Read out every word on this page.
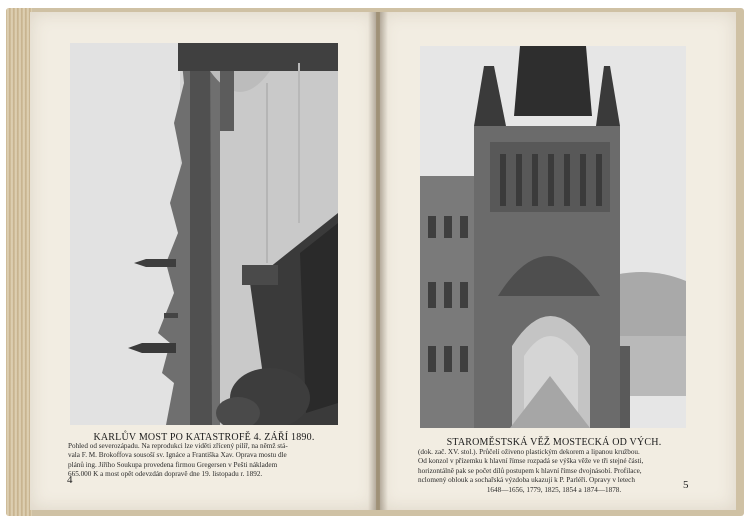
KARLŮV MOST PO KATASTROFĚ 4. ZÁŘÍ 1890.
Pohled od severozápadu. Na reprodukci lze viděti zřícený pilíř, na němž stá-
vala F. M. Brokoffova sousoší sv. Ignáce a Františka Xav. Oprava mostu dle
plánů ing. Jiřího Soukupa provedena firmou Gregersen v Pešti nákladem
665.000 K a most opět odevzdán dopravě dne 19. listopadu r. 1892.
4
STAROMĚSTSKÁ VĚŽ MOSTECKÁ OD VÝCH.
(dok. zač. XV. stol.). Průčelí oživeno plastickým dekorem a lipanou kružbou.
Od konzol v přízemku k hlavní římse rozpadá se výška věže ve tři stejné části,
horizontálně pak se počet dílů postupem k hlavní římse dvojnásobí. Profilace,
nclomený oblouk a sochařská výzdoba ukazují k P. Parléři. Opravy v letech
1648—1656, 1779, 1825, 1854 a 1874—1878.	5
